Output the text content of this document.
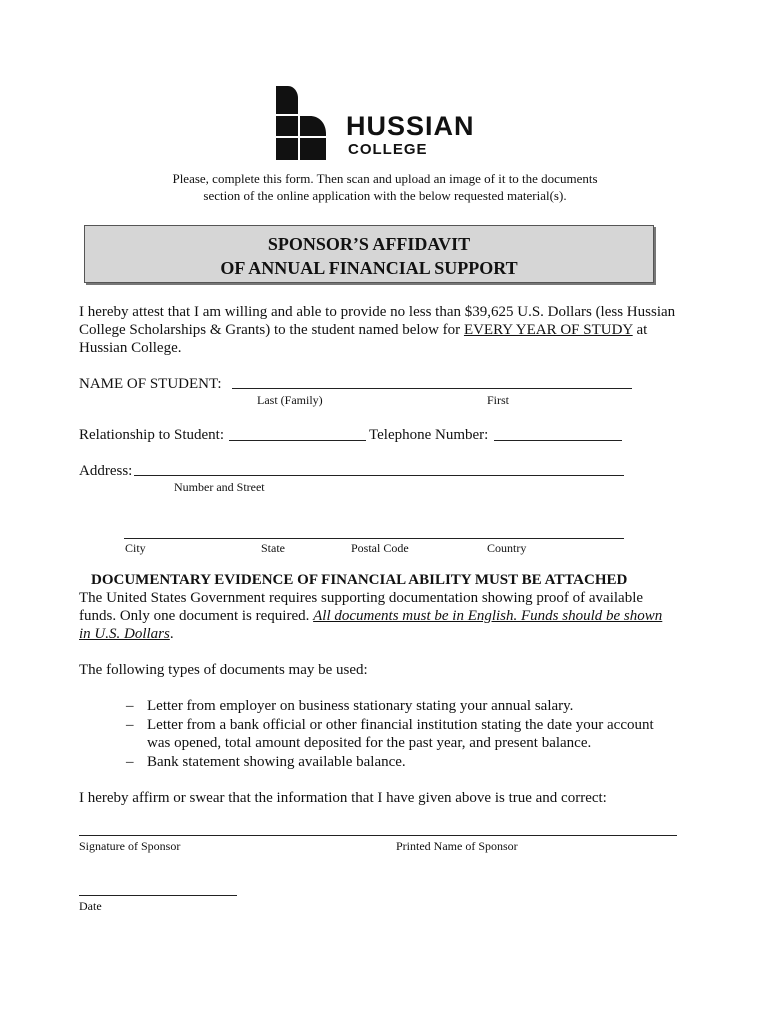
HUSSIAN
COLLEGE
Please, complete this form. Then scan and upload an image of it to the documents
section of the online application with the below requested material(s).
SPONSOR’S AFFIDAVIT
OF ANNUAL FINANCIAL SUPPORT
I hereby attest that I am willing and able to provide no less than $39,625 U.S. Dollars (less Hussian
College Scholarships & Grants) to the student named below for EVERY YEAR OF STUDY at
Hussian College.
NAME OF STUDENT:
Last (Family)	First
Relationship to Student:	Telephone Number:
Address:
Number and Street
City	State	Postal Code	Country
DOCUMENTARY EVIDENCE OF FINANCIAL ABILITY MUST BE ATTACHED
The United States Government requires supporting documentation showing proof of available
funds. Only one document is required. All documents must be in English. Funds should be shown
in U.S. Dollars.
The following types of documents may be used:
– Letter from employer on business stationary stating your annual salary.
– Letter from a bank official or other financial institution stating the date your account
was opened, total amount deposited for the past year, and present balance.
– Bank statement showing available balance.
I hereby affirm or swear that the information that I have given above is true and correct:
Signature of Sponsor	Printed Name of Sponsor
Date
